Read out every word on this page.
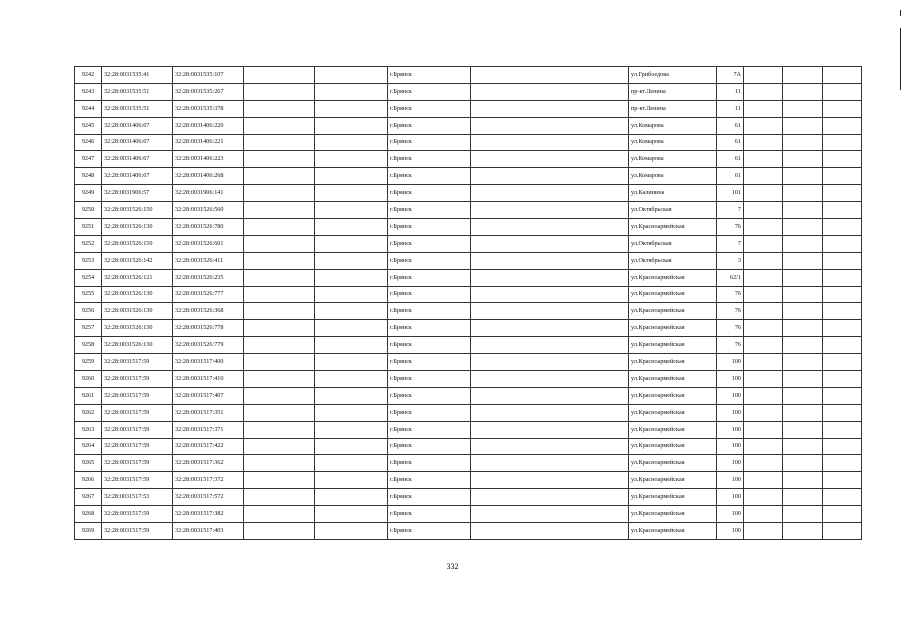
9242	32:28:0031535:41	32:28:0031535:107			г.Брянск		ул.Грибоедова	7А			
9243	32:28:0031535:51	32:28:0031535:267			г.Брянск		пр-кт.Ленина	11			
9244	32:28:0031535:51	32:28:0031535:378			г.Брянск		пр-кт.Ленина	11			
9245	32:28:0031406:67	32:28:0031406:220			г.Брянск		ул.Комарова	61			
9246	32:28:0031406:67	32:28:0031406:221			г.Брянск		ул.Комарова	61			
9247	32:28:0031406:67	32:28:0031406:223			г.Брянск		ул.Комарова	61			
9248	32:28:0031406:67	32:28:0031406:268			г.Брянск		ул.Комарова	61			
9249	32:28:0031906:57	32:28:0031906:141			г.Брянск		ул.Калинина	101			
9250	32:28:0031526:150	32:28:0031526:560			г.Брянск		ул.Октябрьская	7			
9251	32:28:0031526:130	32:28:0031526:780			г.Брянск		ул.Красноармейская	76			
9252	32:28:0031526:150	32:28:0031526:601			г.Брянск		ул.Октябрьская	7			
9253	32:28:0031526:142	32:28:0031526:411			г.Брянск		ул.Октябрьская	3			
9254	32:28:0031526:121	32:28:0031526:235			г.Брянск		ул.Красноармейская	62/1			
9255	32:28:0031526:130	32:28:0031526:777			г.Брянск		ул.Красноармейская	76			
9256	32:28:0031526:130	32:28:0031526:368			г.Брянск		ул.Красноармейская	76			
9257	32:28:0031526:130	32:28:0031526:778			г.Брянск		ул.Красноармейская	76			
9258	32:28:0031526:130	32:28:0031526:779			г.Брянск		ул.Красноармейская	76			
9259	32:28:0031517:59	32:28:0031517:400			г.Брянск		ул.Красноармейская	100			
9260	32:28:0031517:59	32:28:0031517:410			г.Брянск		ул.Красноармейская	100			
9261	32:28:0031517:59	32:28:0031517:407			г.Брянск		ул.Красноармейская	100			
9262	32:28:0031517:59	32:28:0031517:351			г.Брянск		ул.Красноармейская	100			
9263	32:28:0031517:59	32:28:0031517:371			г.Брянск		ул.Красноармейская	100			
9264	32:28:0031517:59	32:28:0031517:422			г.Брянск		ул.Красноармейская	100			
9265	32:28:0031517:59	32:28:0031517:362			г.Брянск		ул.Красноармейская	100			
9266	32:28:0031517:59	32:28:0031517:372			г.Брянск		ул.Красноармейская	100			
9267	32:28:0031517:53	32:28:0031517:572			г.Брянск		ул.Красноармейская	100			
9268	32:28:0031517:59	32:28:0031517:382			г.Брянск		ул.Красноармейская	100			
9269	32:28:0031517:59	32:28:0031517:403			г.Брянск		ул.Красноармейская	100			
332
